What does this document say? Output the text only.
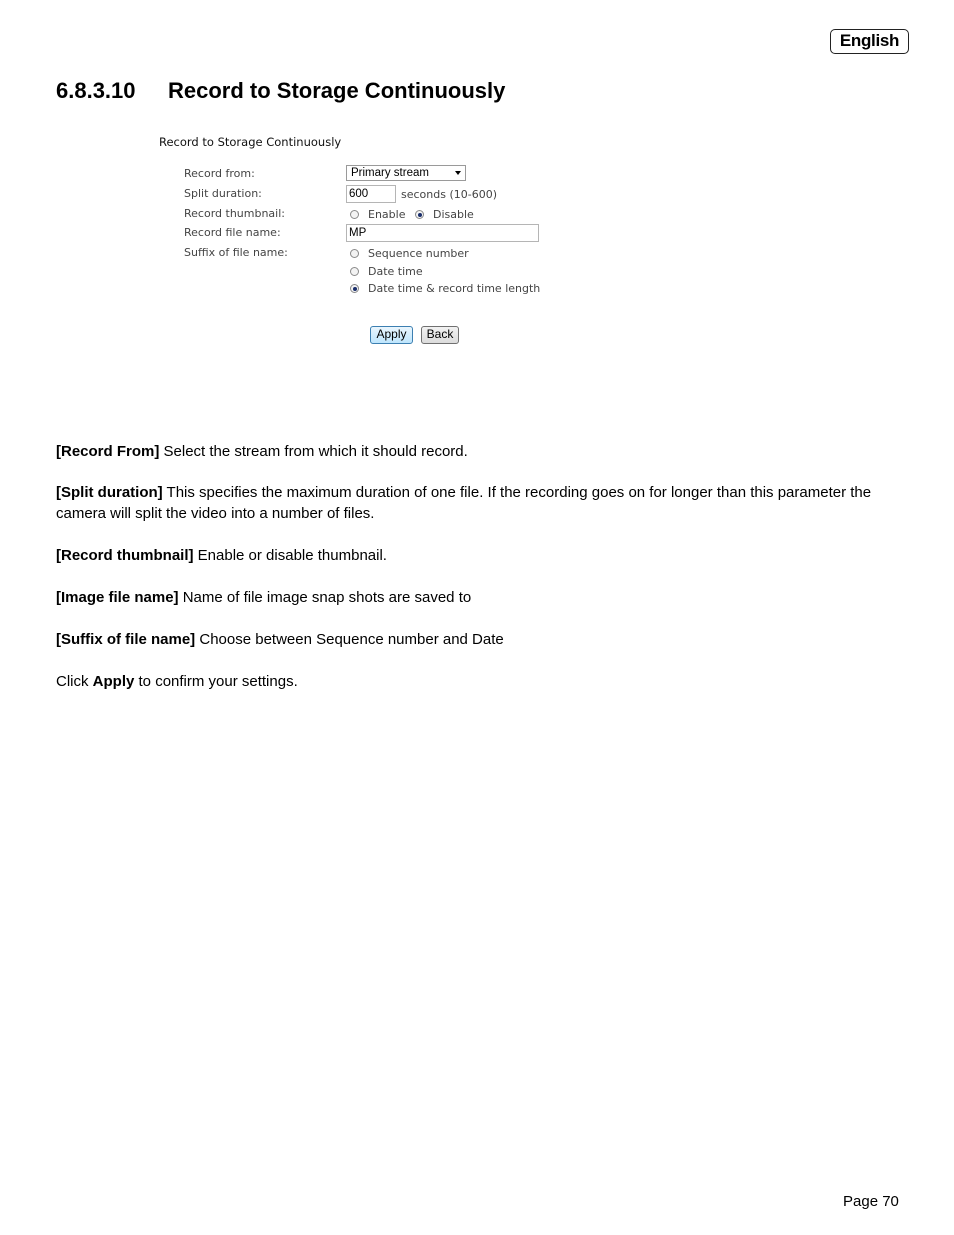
English
6.8.3.10 Record to Storage Continuously
Record to Storage Continuously
Record from:	Primary stream
Split duration:	600	seconds (10-600)
Record thumbnail:	Enable	Disable
Record file name:	MP
Suffix of file name:	Sequence number
Date time
Date time & record time length
Apply	Back

[Record From] Select the stream from which it should record.

[Split duration] This specifies the maximum duration of one file. If the recording goes on for longer than this parameter the camera will split the video into a number of files.

[Record thumbnail] Enable or disable thumbnail.

[Image file name] Name of file image snap shots are saved to

[Suffix of file name] Choose between Sequence number and Date

Click Apply to confirm your settings.

Page 70
